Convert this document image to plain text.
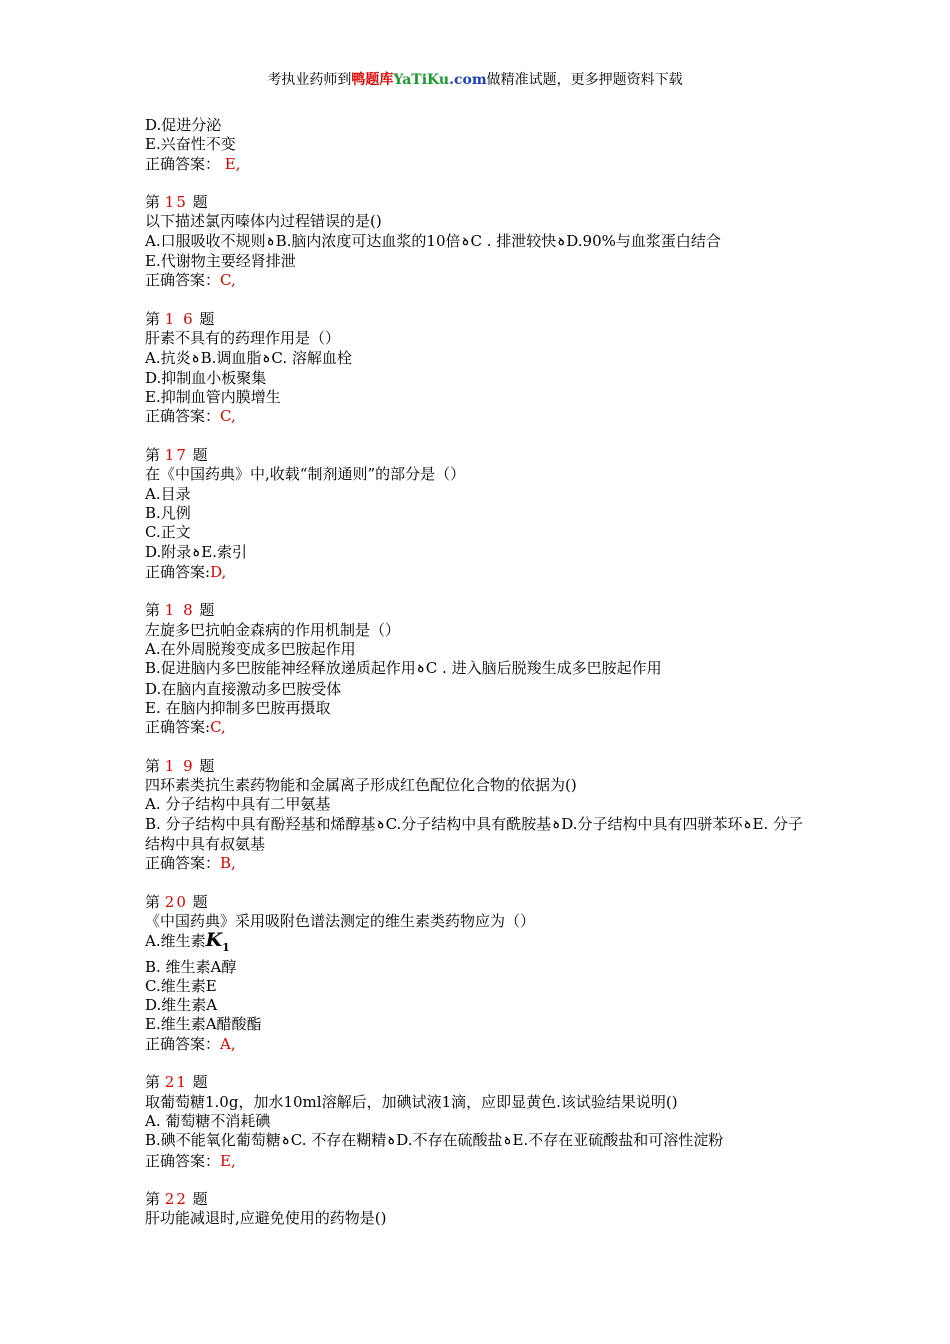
考执业药师到鸭题库YaTiKu.com做精准试题，更多押题资料下载
D.促进分泌
E.兴奋性不变
正确答案： E,
第 15 题
以下描述氯丙嗪体内过程错误的是()
A.口服吸收不规则 ꝺ B.脑内浓度可达血浆的10倍 ꝺ C . 排泄较快 ꝺ D.90%与血浆蛋白结合
E.代谢物主要经肾排泄
正确答案：C,
第 1 6 题
肝素不具有的药理作用是（）
A.抗炎 ꝺ B.调血脂 ꝺ C. 溶解血栓
D.抑制血小板聚集
E.抑制血管内膜增生
正确答案：C,
第 17 题
在《中国药典》中,收载“制剂通则”的部分是（）
A.目录
B.凡例
C.正文
D.附录 ꝺ E.索引
正确答案:D,
第 1 8 题
左旋多巴抗帕金森病的作用机制是（）
A.在外周脱羧变成多巴胺起作用
B.促进脑内多巴胺能神经释放递质起作用 ꝺ C . 进入脑后脱羧生成多巴胺起作用
D.在脑内直接激动多巴胺受体
E. 在脑内抑制多巴胺再摄取
正确答案:C,
第 1 9 题
四环素类抗生素药物能和金属离子形成红色配位化合物的依据为()
A. 分子结构中具有二甲氨基
B. 分子结构中具有酚羟基和烯醇基 ꝺ C.分子结构中具有酰胺基 ꝺ D.分子结构中具有四骈苯环 ꝺ E. 分子结构中具有叔氨基
正确答案：B,
第 20 题
《中国药典》采用吸附色谱法测定的维生素类药物应为（）
A.维生素$K_1$
B. 维生素A醇
C.维生素E
D.维生素A
E.维生素A醋酸酯
正确答案：A,
第 21 题
取葡萄糖1.0g，加水10ml溶解后，加碘试液1滴，应即显黄色.该试验结果说明()
A. 葡萄糖不消耗碘
B.碘不能氧化葡萄糖 ꝺ C. 不存在糊精 ꝺ D.不存在硫酸盐 ꝺ E.不存在亚硫酸盐和可溶性淀粉
正确答案：E,
第 22 题
肝功能减退时,应避免使用的药物是()
